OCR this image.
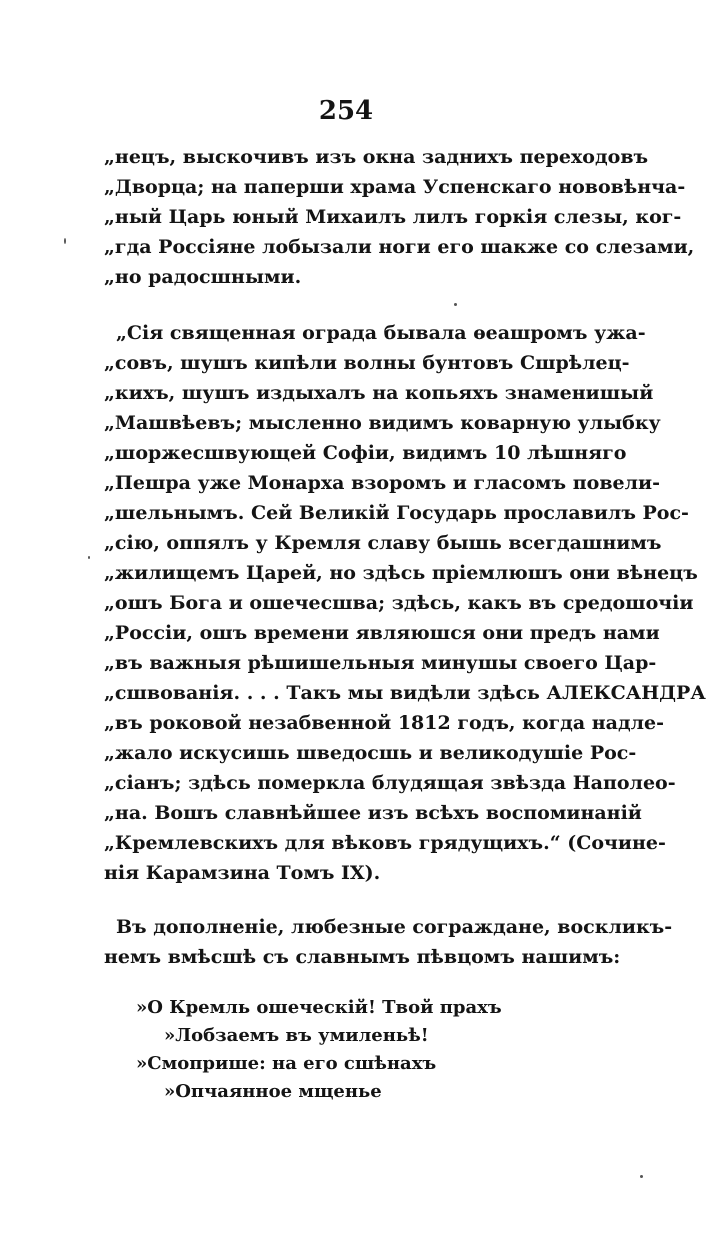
254
„нецъ, выскочивъ изъ окна заднихъ переходовъ
„Дворца; на паперши храма Успенскаго нововѣнча-
„ный Царь юный Михаилъ лилъ горкія слезы, ког-
„гда Россіяне лобызали ноги его шакже со слезами,
„но радосшными.
„Сія священная ограда бывала ѳеашромъ ужа-
„совъ, шушъ кипѣли волны бунтовъ Сшрѣлец-
„кихъ, шушъ издыхалъ на копьяхъ знаменишый
„Машвѣевъ; мысленно видимъ коварную улыбку
„шоржесшвующей Софіи, видимъ 10 лѣшняго
„Пешра уже Монарха взоромъ и гласомъ повели-
„шельнымъ. Сей Великій Государь прославилъ Рос-
„сію, оппялъ у Кремля славу бышь всегдашнимъ
„жилищемъ Царей, но здѣсь пріемлюшъ они вѣнецъ
„ошъ Бога и ошечесшва; здѣсь, какъ въ средошочіи
„Россіи, ошъ времени являюшся они предъ нами
„въ важныя рѣшишельныя минушы своего Цар-
„сшвованія. . . . Такъ мы видѣли здѣсь АЛЕКСАНДРА
„въ роковой незабвенной 1812 годъ, когда надле-
„жало искусишь шведосшь и великодушіе Рос-
„сіанъ; здѣсь померкла блудящая звѣзда Наполео-
„на. Вошъ славнѣйшее изъ всѣхъ воспоминаній
„Кремлевскихъ для вѣковъ грядущихъ.“ (Сочине-
нія Карамзина Томъ IX).
Въ дополненіе, любезные сограждане, воскликъ-
немъ вмѣсшѣ съ славнымъ пѣвцомъ нашимъ:
»О Кремль ошеческій! Твой прахъ
»Лобзаемъ въ умиленьѣ!
»Смоприше: на его сшѣнахъ
»Опчаянное мщенье
